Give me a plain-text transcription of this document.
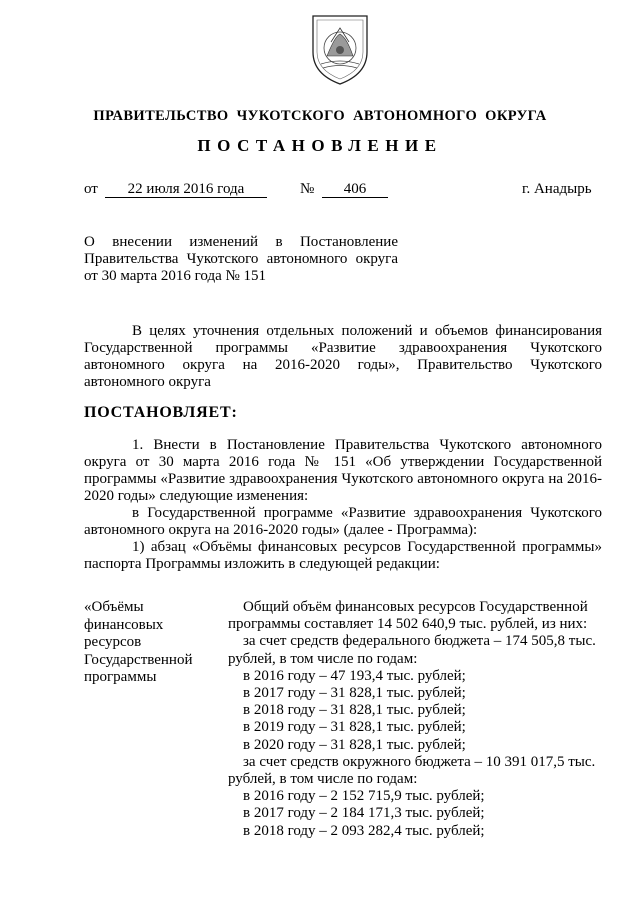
ПРАВИТЕЛЬСТВО ЧУКОТСКОГО АВТОНОМНОГО ОКРУГА
ПОСТАНОВЛЕНИЕ
от	22 июля 2016 года	№	406	г. Анадырь
О внесении изменений в Постановление
Правительства Чукотского автономного округа
от 30 марта 2016 года № 151
В целях уточнения отдельных положений и объемов финансирования Государственной программы «Развитие здравоохранения Чукотского автономного округа на 2016-2020 годы», Правительство Чукотского автономного округа
ПОСТАНОВЛЯЕТ:
1. Внести в Постановление Правительства Чукотского автономного округа от 30 марта 2016 года № 151 «Об утверждении Государственной программы «Развитие здравоохранения Чукотского автономного округа на 2016-2020 годы» следующие изменения:
в Государственной программе «Развитие здравоохранения Чукотского автономного округа на 2016-2020 годы» (далее - Программа):
1) абзац «Объёмы финансовых ресурсов Государственной программы» паспорта Программы изложить в следующей редакции:
«Объёмы
финансовых
ресурсов
Государственной
программы
Общий объём финансовых ресурсов Государственной
программы составляет 14 502 640,9 тыс. рублей, из них:
за счет средств федерального бюджета – 174 505,8 тыс.
рублей, в том числе по годам:
в 2016 году – 47 193,4 тыс. рублей;
в 2017 году – 31 828,1 тыс. рублей;
в 2018 году – 31 828,1 тыс. рублей;
в 2019 году – 31 828,1 тыс. рублей;
в 2020 году – 31 828,1 тыс. рублей;
за счет средств окружного бюджета – 10 391 017,5 тыс.
рублей, в том числе по годам:
в 2016 году – 2 152 715,9 тыс. рублей;
в 2017 году – 2 184 171,3 тыс. рублей;
в 2018 году – 2 093 282,4 тыс. рублей;
